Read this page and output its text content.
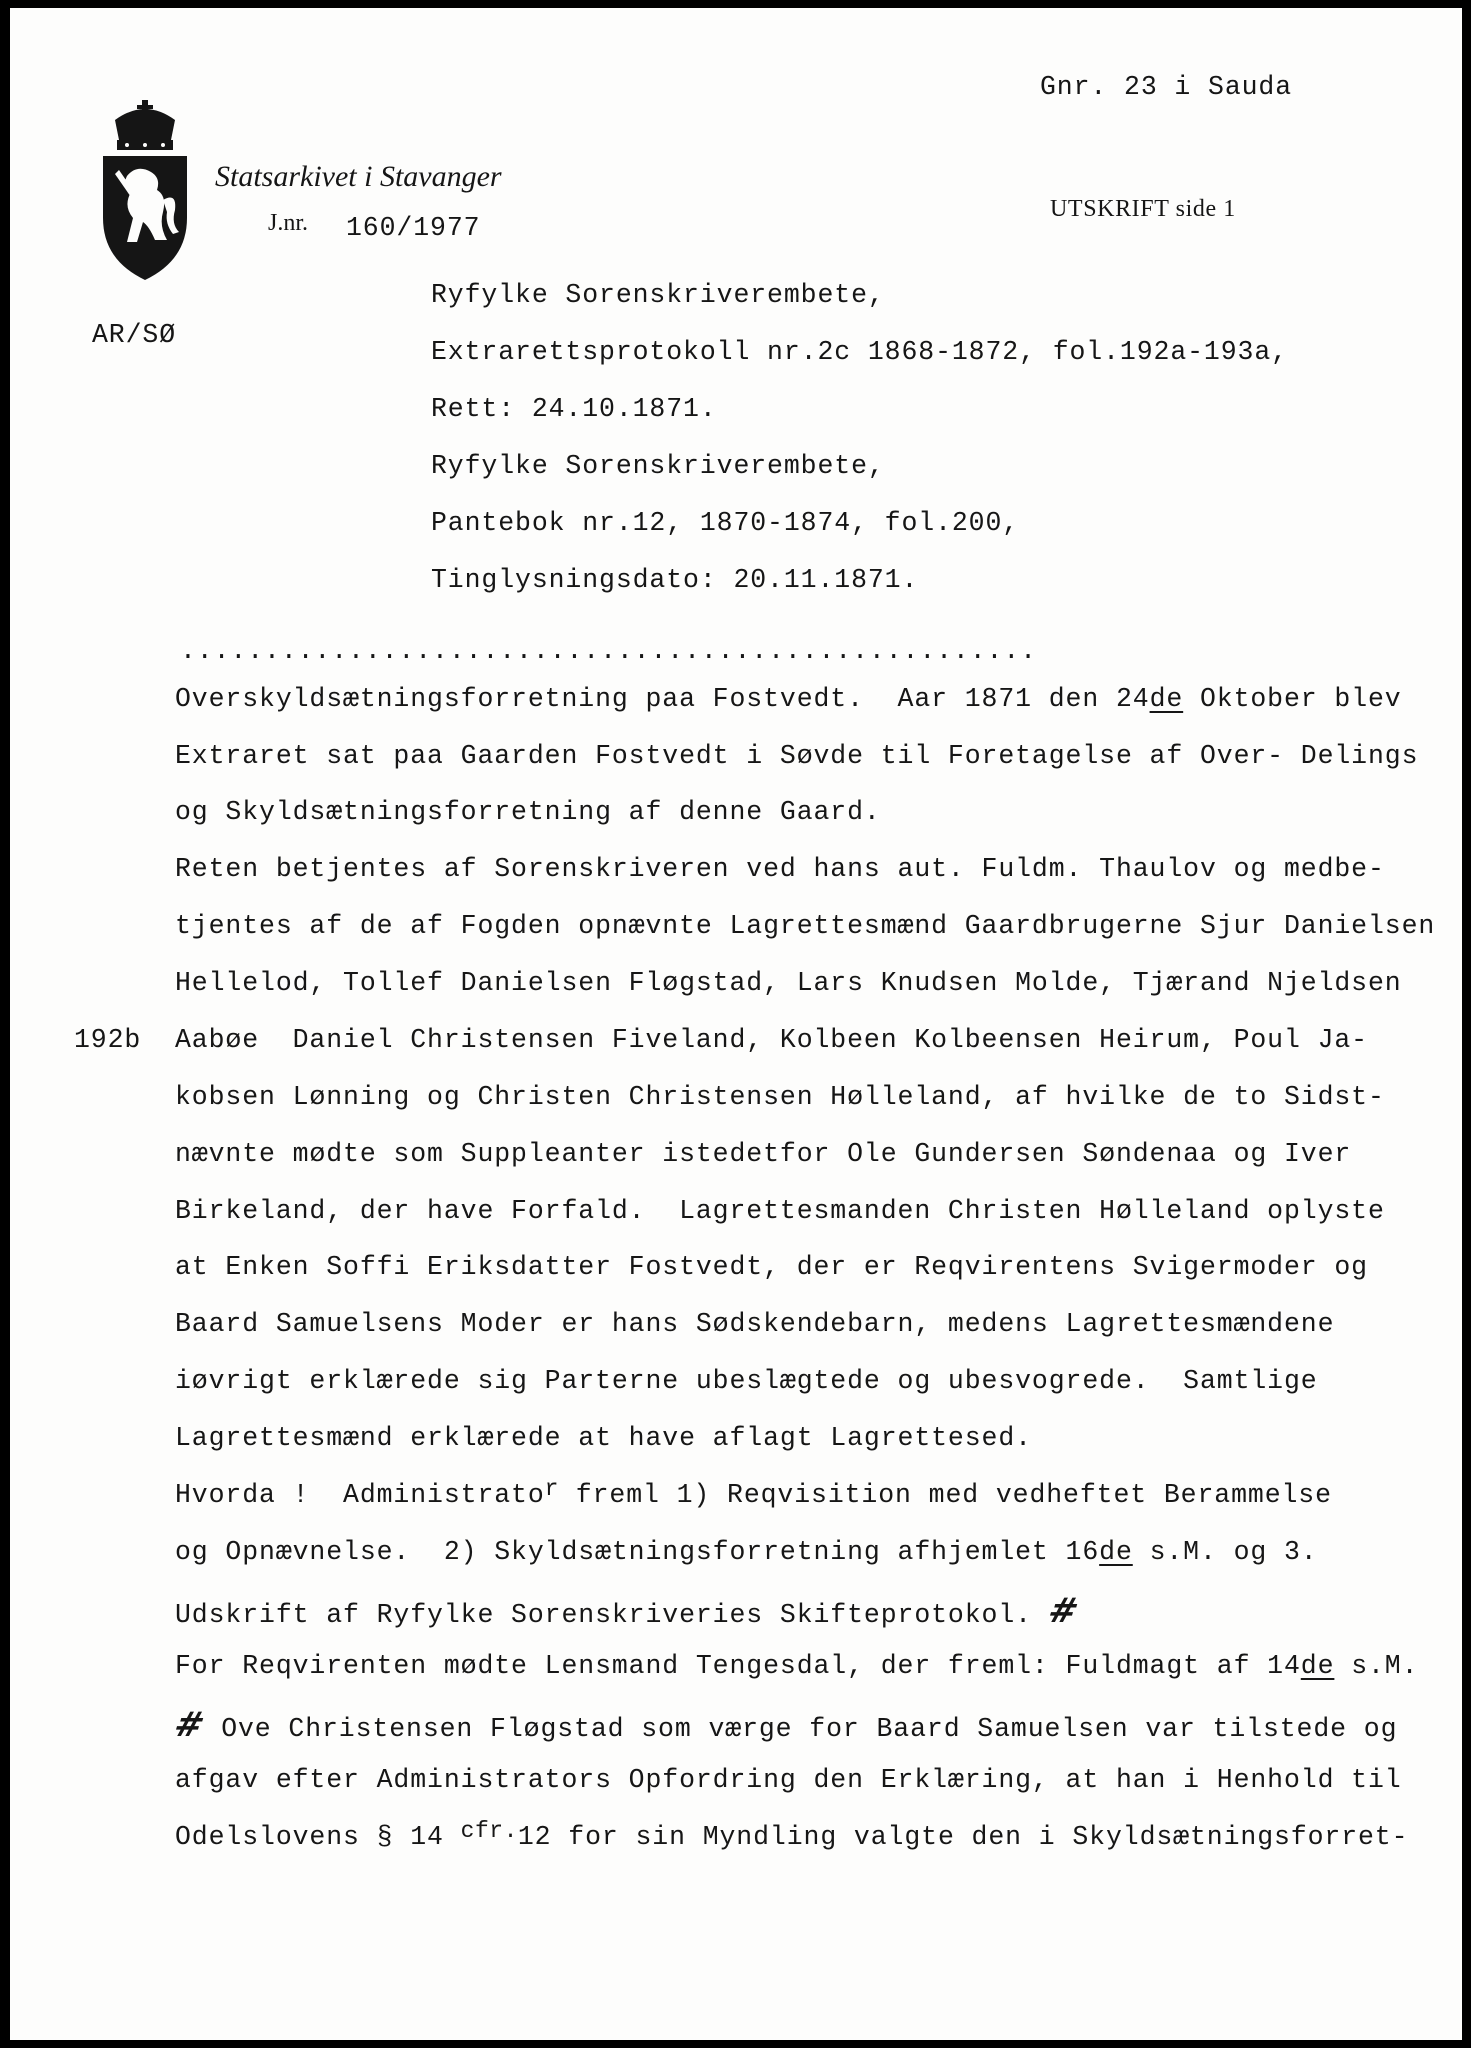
Statsarkivet i Stavanger
J.nr. 160/1977
Gnr. 23 i Sauda
UTSKRIFT side 1
AR/SØ
Ryfylke Sorenskriverembete,
Extrarettsprotokoll nr.2c 1868-1872, fol.192a-193a,
Rett: 24.10.1871.
Ryfylke Sorenskriverembete,
Pantebok nr.12, 1870-1874, fol.200,
Tinglysningsdato: 20.11.1871.
...................................................
Overskyldsætningsforretning paa Fostvedt.  Aar 1871 den 24de Oktober blev
Extraret sat paa Gaarden Fostvedt i Søvde til Foretagelse af Over- Delings
og Skyldsætningsforretning af denne Gaard.
Reten betjentes af Sorenskriveren ved hans aut. Fuldm. Thaulov og medbe-
tjentes af de af Fogden opnævnte Lagrettesmænd Gaardbrugerne Sjur Danielsen
Hellelod, Tollef Danielsen Fløgstad, Lars Knudsen Molde, Tjærand Njeldsen
192b Aabøe  Daniel Christensen Fiveland, Kolbeen Kolbeensen Heirum, Poul Ja-
kobsen Lønning og Christen Christensen Hølleland, af hvilke de to Sidst-
nævnte mødte som Suppleanter istedetfor Ole Gundersen Søndenaa og Iver
Birkeland, der have Forfald.  Lagrettesmanden Christen Hølleland oplyste
at Enken Soffi Eriksdatter Fostvedt, der er Reqvirentens Svigermoder og
Baard Samuelsens Moder er hans Sødskendebarn, medens Lagrettesmændene
iøvrigt erklærede sig Parterne ubeslægtede og ubesvogrede.  Samtlige
Lagrettesmænd erklærede at have aflagt Lagrettesed.
Hvorda !  Administrator freml 1) Reqvisition med vedheftet Berammelse
og Opnævnelse.  2) Skyldsætningsforretning afhjemlet 16de s.M. og 3.
Udskrift af Ryfylke Sorenskriveries Skifteprotokol. #
For Reqvirenten mødte Lensmand Tengesdal, der freml: Fuldmagt af 14de s.M.
# Ove Christensen Fløgstad som værge for Baard Samuelsen var tilstede og
afgav efter Administrators Opfordring den Erklæring, at han i Henhold til
Odelslovens § 14 cfr.12 for sin Myndling valgte den i Skyldsætningsforret-
